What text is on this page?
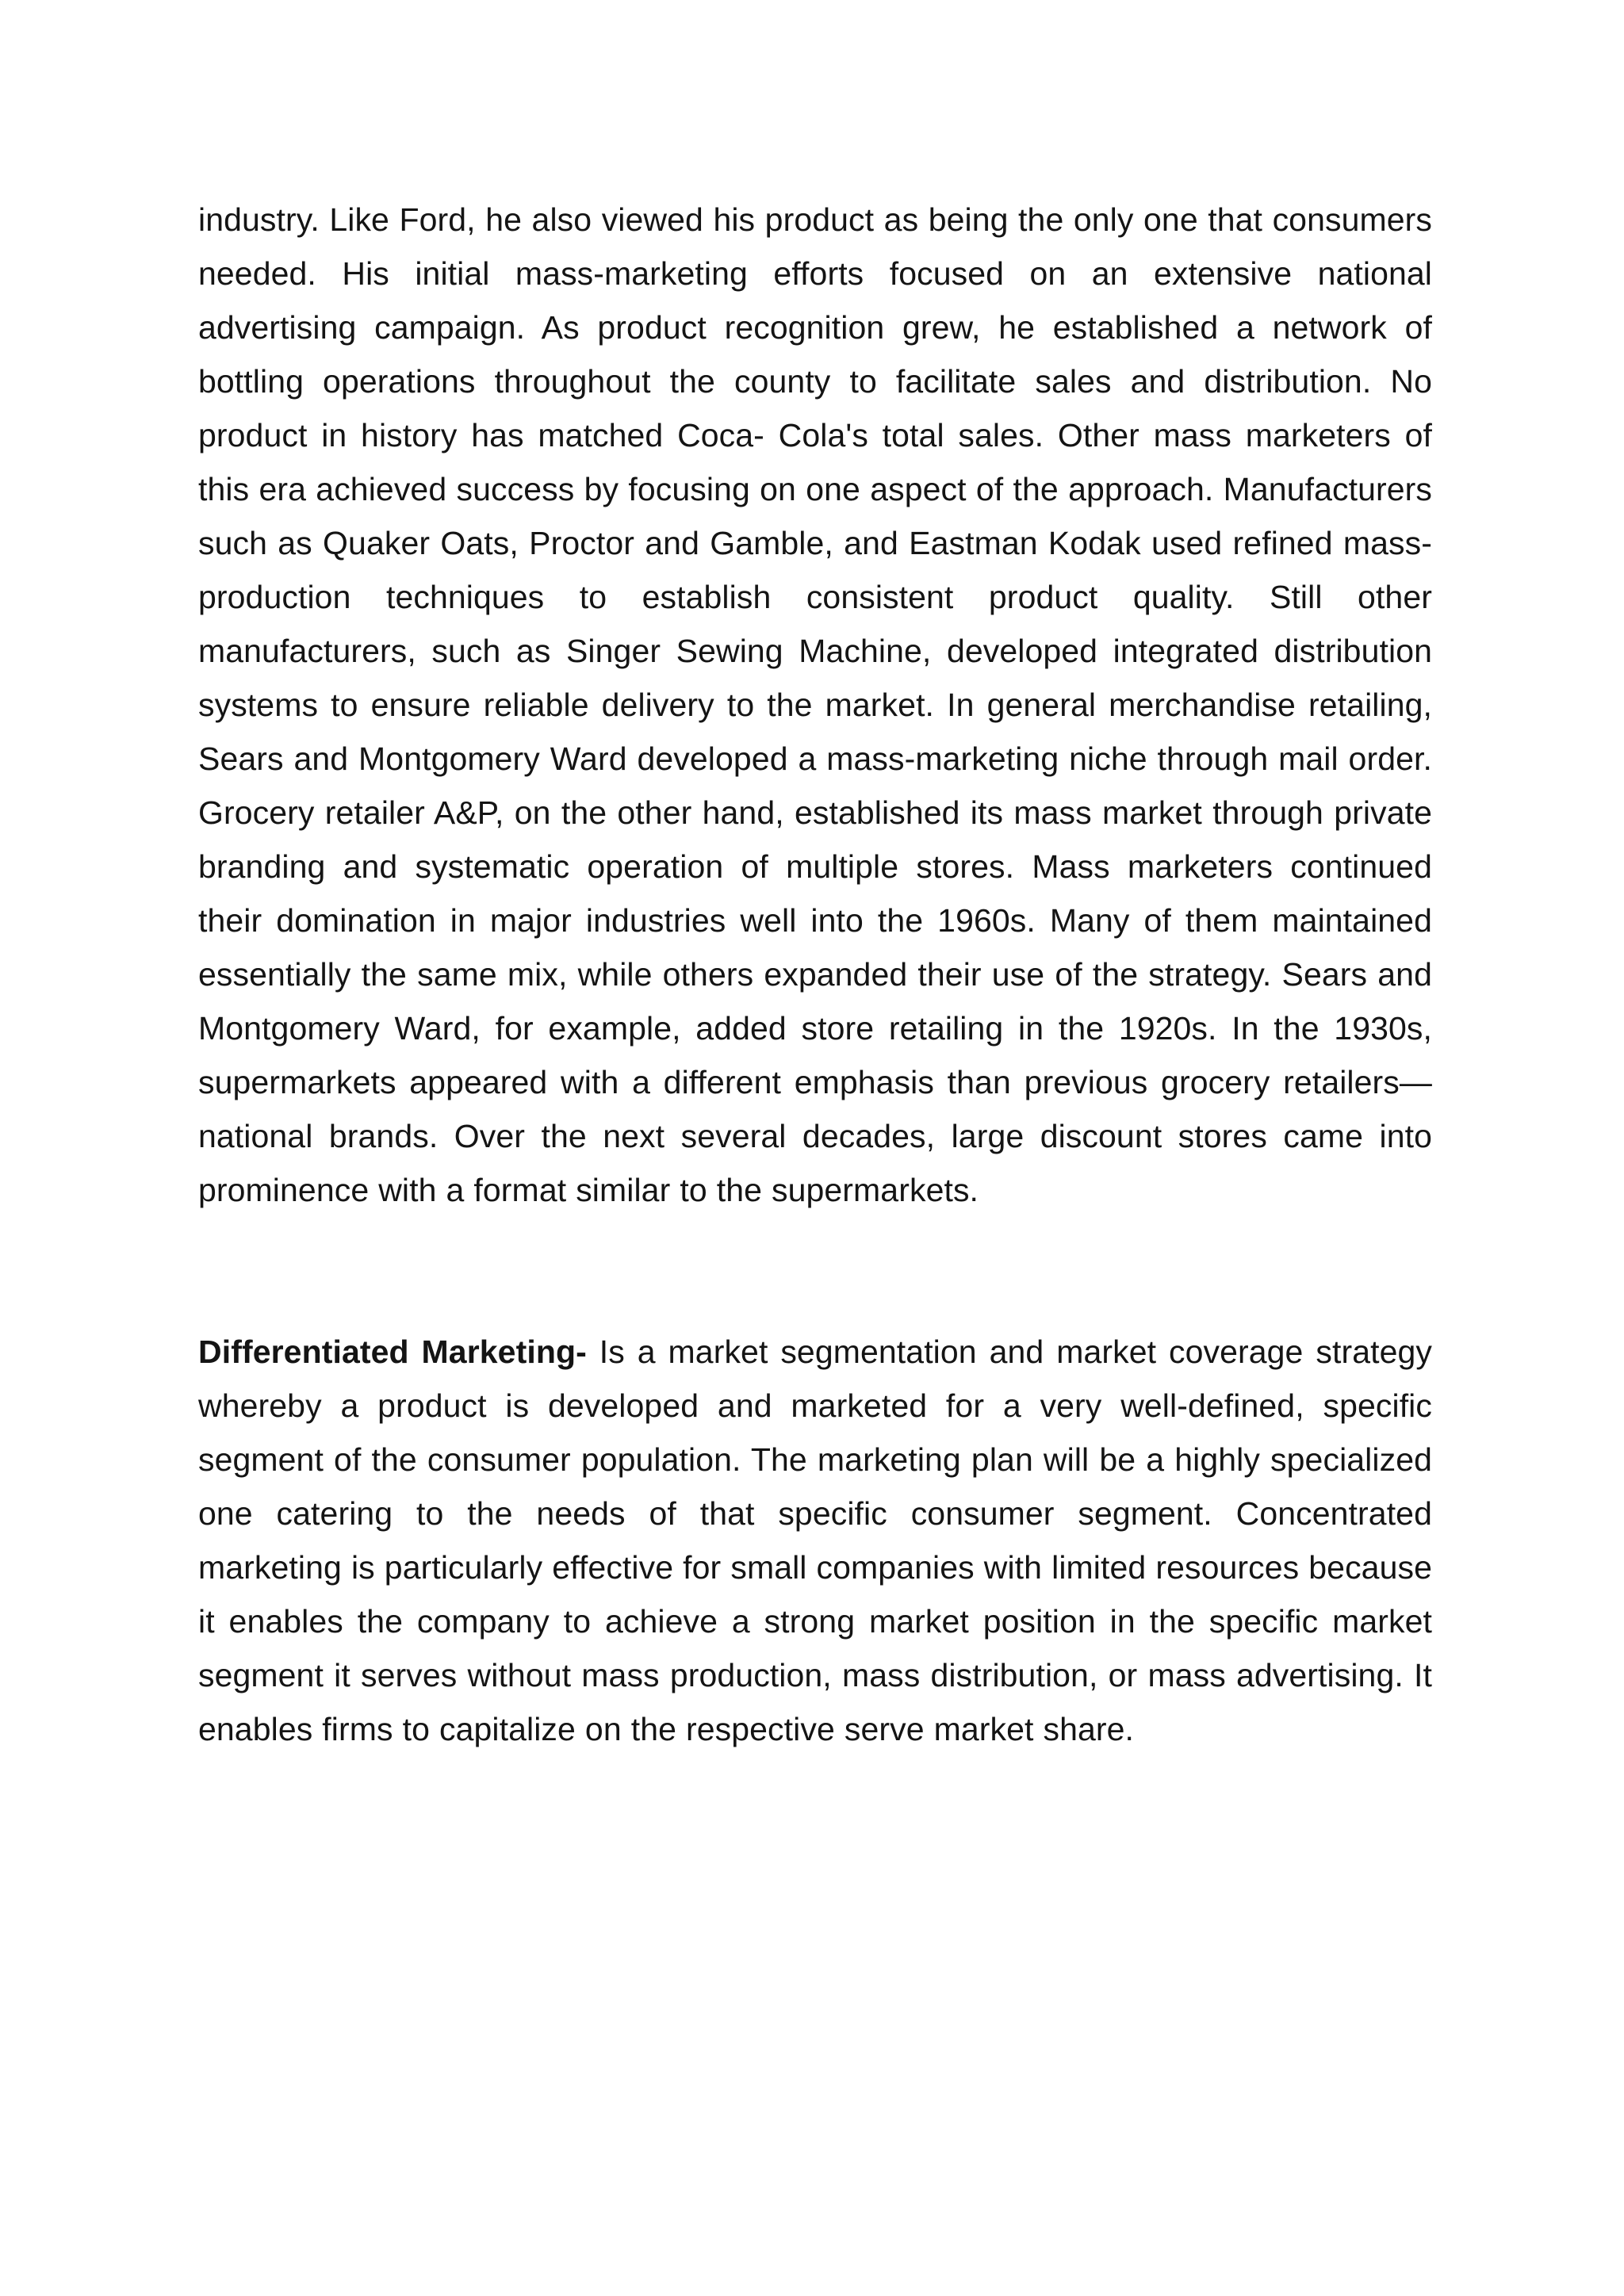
industry. Like Ford, he also viewed his product as being the only one that consumers needed. His initial mass-marketing efforts focused on an extensive national advertising campaign. As product recognition grew, he established a network of bottling operations throughout the county to facilitate sales and distribution. No product in history has matched Coca- Cola's total sales. Other mass marketers of this era achieved success by focusing on one aspect of the approach. Manufacturers such as Quaker Oats, Proctor and Gamble, and Eastman Kodak used refined mass-production techniques to establish consistent product quality. Still other manufacturers, such as Singer Sewing Machine, developed integrated distribution systems to ensure reliable delivery to the market. In general merchandise retailing, Sears and Montgomery Ward developed a mass-marketing niche through mail order. Grocery retailer A&P, on the other hand, established its mass market through private branding and systematic operation of multiple stores. Mass marketers continued their domination in major industries well into the 1960s. Many of them maintained essentially the same mix, while others expanded their use of the strategy. Sears and Montgomery Ward, for example, added store retailing in the 1920s. In the 1930s, supermarkets appeared with a different emphasis than previous grocery retailers—national brands. Over the next several decades, large discount stores came into prominence with a format similar to the supermarkets.

Differentiated Marketing- Is a market segmentation and market coverage strategy whereby a product is developed and marketed for a very well-defined, specific segment of the consumer population. The marketing plan will be a highly specialized one catering to the needs of that specific consumer segment. Concentrated marketing is particularly effective for small companies with limited resources because it enables the company to achieve a strong market position in the specific market segment it serves without mass production, mass distribution, or mass advertising. It enables firms to capitalize on the respective serve market share.
